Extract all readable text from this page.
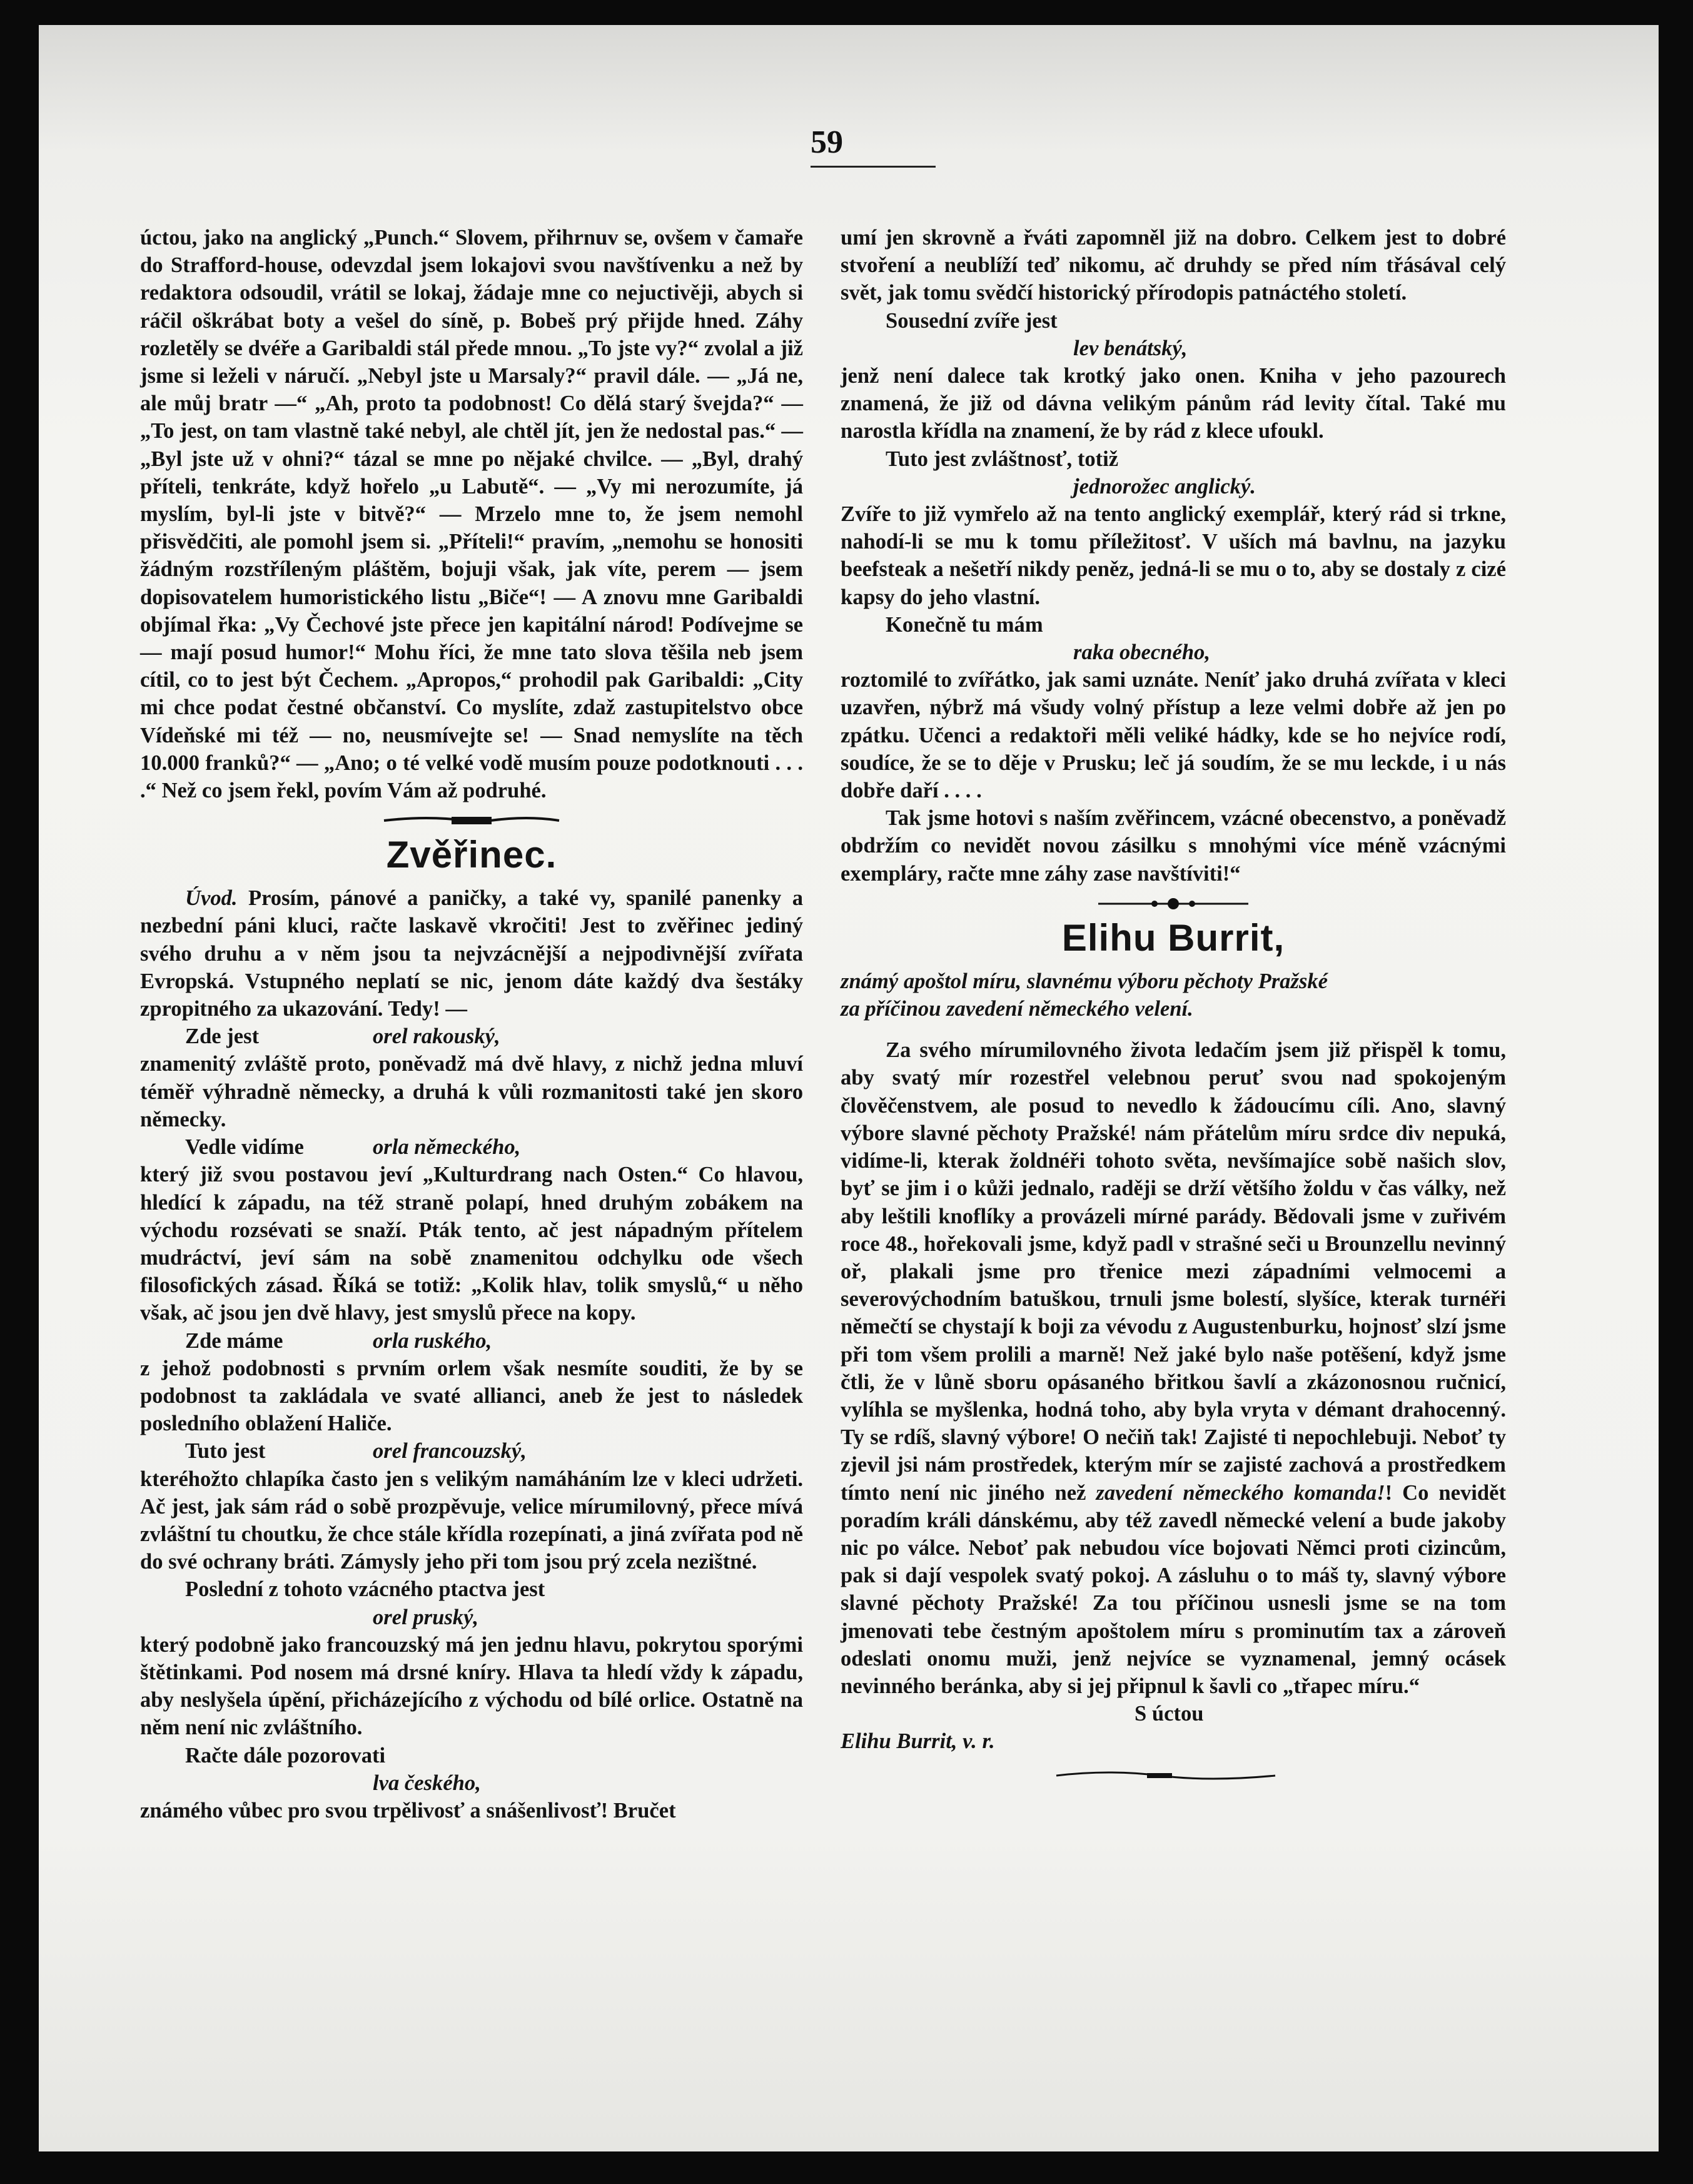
59

úctou, jako na anglický „Punch.“ Slovem, přihrnuv se, ovšem v čamaře do Strafford-house, odevzdal jsem lokajovi svou navštívenku a než by redaktora odsoudil, vrátil se lokaj, žádaje mne co nejuctivěji, abych si ráčil oškrábat boty a vešel do síně, p. Bobeš prý přijde hned. Záhy rozletěly se dvéře a Garibaldi stál přede mnou. „To jste vy?“ zvolal a již jsme si leželi v náručí. „Nebyl jste u Marsaly?“ pravil dále. — „Já ne, ale můj bratr —“ „Ah, proto ta podobnost! Co dělá starý švejda?“ — „To jest, on tam vlastně také nebyl, ale chtěl jít, jen že nedostal pas.“ — „Byl jste už v ohni?“ tázal se mne po nějaké chvilce. — „Byl, drahý příteli, tenkráte, když hořelo „u Labutě“. — „Vy mi nerozumíte, já myslím, byl-li jste v bitvě?“ — Mrzelo mne to, že jsem nemohl přisvědčiti, ale pomohl jsem si. „Příteli!“ pravím, „nemohu se honositi žádným rozstříleným pláštěm, bojuji však, jak víte, perem — jsem dopisovatelem humoristického listu „Biče“! — A znovu mne Garibaldi objímal řka: „Vy Čechové jste přece jen kapitální národ! Podívejme se — mají posud humor!“ Mohu říci, že mne tato slova těšila neb jsem cítil, co to jest být Čechem. „Apropos,“ prohodil pak Garibaldi: „City mi chce podat čestné občanství. Co myslíte, zdaž zastupitelstvo obce Vídeňské mi též — no, neusmívejte se! — Snad nemyslíte na těch 10.000 franků?“ — „Ano; o té velké vodě musím pouze podotknouti . . . .“ Než co jsem řekl, povím Vám až podruhé.

Zvěřinec.

Úvod. Prosím, pánové a paničky, a také vy, spanilé panenky a nezbední páni kluci, račte laskavě vkročiti! Jest to zvěřinec jediný svého druhu a v něm jsou ta nejvzácnější a nejpodivnější zvířata Evropská. Vstupného neplatí se nic, jenom dáte každý dva šestáky zpropitného za ukazování. Tedy! —

Zde jest	orel rakouský,

znamenitý zvláště proto, poněvadž má dvě hlavy, z nichž jedna mluví téměř výhradně německy, a druhá k vůli rozmanitosti také jen skoro německy.

Vedle vidíme	orla německého,

který již svou postavou jeví „Kulturdrang nach Osten.“ Co hlavou, hledící k západu, na též straně polapí, hned druhým zobákem na východu rozsévati se snaží. Pták tento, ač jest nápadným přítelem mudráctví, jeví sám na sobě znamenitou odchylku ode všech filosofických zásad. Říká se totiž: „Kolik hlav, tolik smyslů,“ u něho však, ač jsou jen dvě hlavy, jest smyslů přece na kopy.

Zde máme	orla ruského,

z jehož podobnosti s prvním orlem však nesmíte souditi, že by se podobnost ta zakládala ve svaté allianci, aneb že jest to následek posledního oblažení Haliče.

Tuto jest	orel francouzský,

kteréhožto chlapíka často jen s velikým namáháním lze v kleci udržeti. Ač jest, jak sám rád o sobě prozpěvuje, velice mírumilovný, přece mívá zvláštní tu choutku, že chce stále křídla rozepínati, a jiná zvířata pod ně do své ochrany bráti. Zámysly jeho při tom jsou prý zcela nezištné.

Poslední z tohoto vzácného ptactva jest

orel pruský,

který podobně jako francouzský má jen jednu hlavu, pokrytou sporými štětinkami. Pod nosem má drsné kníry. Hlava ta hledí vždy k západu, aby neslyšela úpění, přicházejícího z východu od bílé orlice. Ostatně na něm není nic zvláštního.

Račte dále pozorovati

lva českého,

známého vůbec pro svou trpělivosť a snášenlivosť! Bručet

umí jen skrovně a řváti zapomněl již na dobro. Celkem jest to dobré stvoření a neublíží teď nikomu, ač druhdy se před ním třásával celý svět, jak tomu svědčí historický přírodopis patnáctého století.

Sousední zvíře jest

lev benátský,

jenž není dalece tak krotký jako onen. Kniha v jeho pazourech znamená, že již od dávna velikým pánům rád levity čítal. Také mu narostla křídla na znamení, že by rád z klece ufoukl.

Tuto jest zvláštnosť, totiž

jednorožec anglický.

Zvíře to již vymřelo až na tento anglický exemplář, který rád si trkne, nahodí-li se mu k tomu příležitosť. V uších má bavlnu, na jazyku beefsteak a nešetří nikdy peněz, jedná-li se mu o to, aby se dostaly z cizé kapsy do jeho vlastní.

Konečně tu mám

raka obecného,

roztomilé to zvířátko, jak sami uznáte. Neníť jako druhá zvířata v kleci uzavřen, nýbrž má všudy volný přístup a leze velmi dobře až jen po zpátku. Učenci a redaktoři měli veliké hádky, kde se ho nejvíce rodí, soudíce, že se to děje v Prusku; leč já soudím, že se mu leckde, i u nás dobře daří . . . .

Tak jsme hotovi s naším zvěřincem, vzácné obecenstvo, a poněvadž obdržím co nevidět novou zásilku s mnohými více méně vzácnými exempláry, račte mne záhy zase navštíviti!“

Elihu Burrit,

známý apoštol míru, slavnému výboru pěchoty Pražské

za příčinou zavedení německého velení.

Za svého mírumilovného života ledačím jsem již přispěl k tomu, aby svatý mír rozestřel velebnou peruť svou nad spokojeným člověčenstvem, ale posud to nevedlo k žádoucímu cíli. Ano, slavný výbore slavné pěchoty Pražské! nám přátelům míru srdce div nepuká, vidíme-li, kterak žoldnéři tohoto světa, nevšímajíce sobě našich slov, byť se jim i o kůži jednalo, raději se drží většího žoldu v čas války, než aby leštili knoflíky a provázeli mírné parády. Bědovali jsme v zuřivém roce 48., hořekovali jsme, když padl v strašné seči u Brounzellu nevinný oř, plakali jsme pro třenice mezi západními velmocemi a severovýchodním batuškou, trnuli jsme bolestí, slyšíce, kterak turnéři němečtí se chystají k boji za vévodu z Augustenburku, hojnosť slzí jsme při tom všem prolili a marně! Než jaké bylo naše potěšení, když jsme čtli, že v lůně sboru opásaného břitkou šavlí a zkázonosnou ručnicí, vylíhla se myšlenka, hodná toho, aby byla vryta v démant drahocenný. Ty se rdíš, slavný výbore! O nečiň tak! Zajisté ti nepochlebuji. Neboť ty zjevil jsi nám prostředek, kterým mír se zajisté zachová a prostředkem tímto není nic jiného než zavedení německého komanda!! Co nevidět poradím králi dánskému, aby též zavedl německé velení a bude jakoby nic po válce. Neboť pak nebudou více bojovati Němci proti cizincům, pak si dají vespolek svatý pokoj. A zásluhu o to máš ty, slavný výbore slavné pěchoty Pražské! Za tou příčinou usnesli jsme se na tom jmenovati tebe čestným apoštolem míru s prominutím tax a zároveň odeslati onomu muži, jenž nejvíce se vyznamenal, jemný ocásek nevinného beránka, aby si jej připnul k šavli co „třapec míru.“

S úctou

Elihu Burrit, v. r.
